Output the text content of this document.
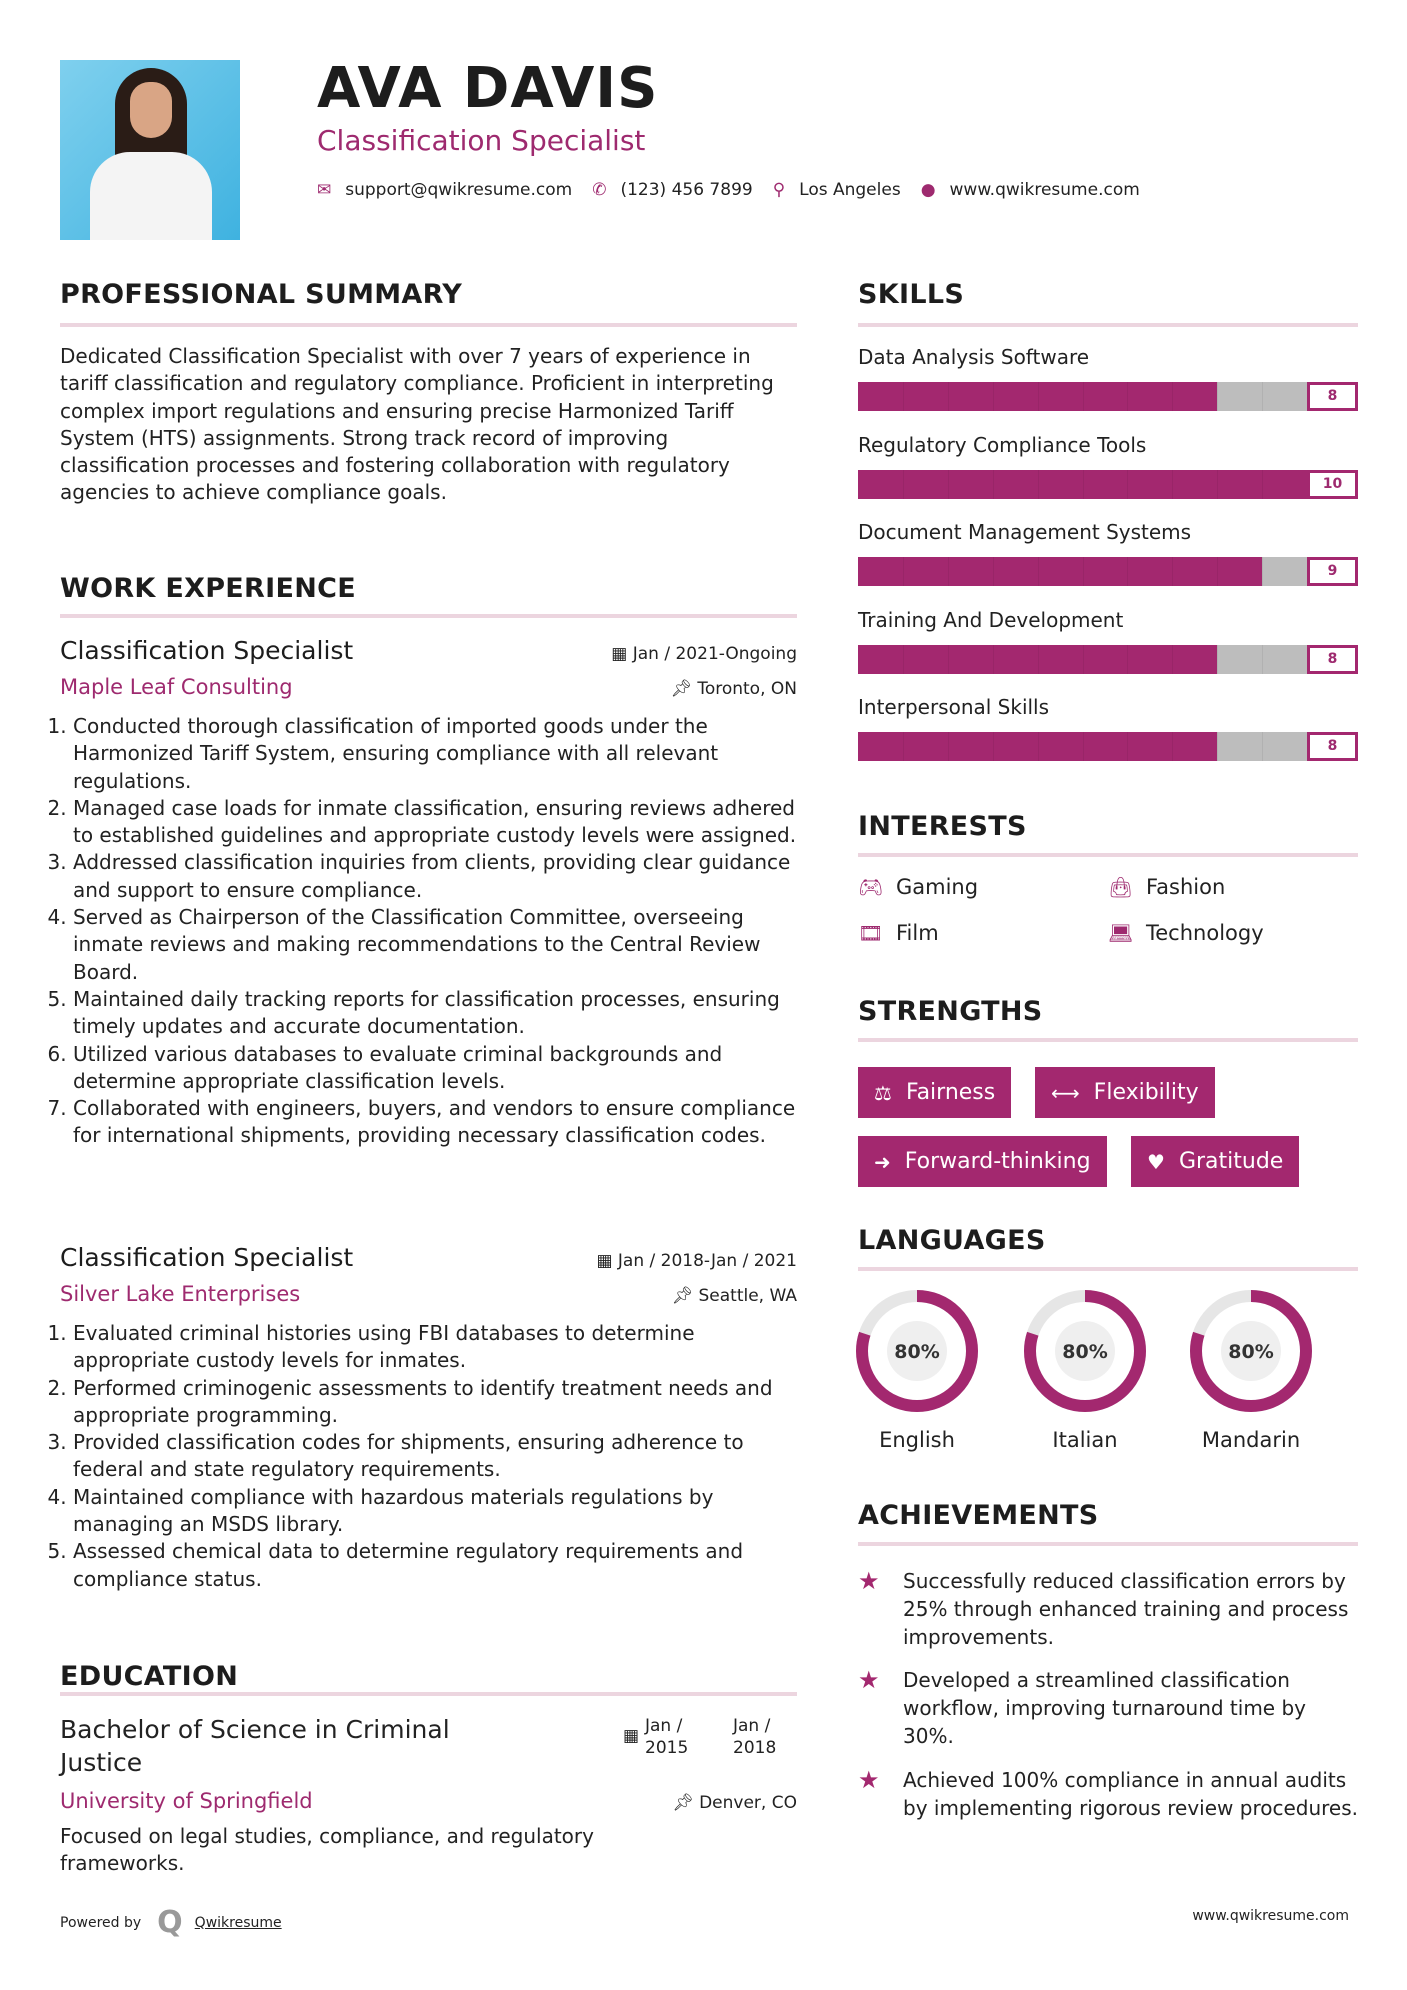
AVA DAVIS
Classification Specialist
✉ support@qwikresume.com ✆ (123) 456 7899 ⚲ Los Angeles ● www.qwikresume.com
PROFESSIONAL SUMMARY
Dedicated Classification Specialist with over 7 years of experience in tariff classification and regulatory compliance. Proficient in interpreting complex import regulations and ensuring precise Harmonized Tariff System (HTS) assignments. Strong track record of improving classification processes and fostering collaboration with regulatory agencies to achieve compliance goals.
WORK EXPERIENCE
Classification Specialist	▦ Jan / 2021-Ongoing
Maple Leaf Consulting	📌︎ Toronto, ON
1. Conducted thorough classification of imported goods under the Harmonized Tariff System, ensuring compliance with all relevant regulations.
2. Managed case loads for inmate classification, ensuring reviews adhered to established guidelines and appropriate custody levels were assigned.
3. Addressed classification inquiries from clients, providing clear guidance and support to ensure compliance.
4. Served as Chairperson of the Classification Committee, overseeing inmate reviews and making recommendations to the Central Review Board.
5. Maintained daily tracking reports for classification processes, ensuring timely updates and accurate documentation.
6. Utilized various databases to evaluate criminal backgrounds and determine appropriate classification levels.
7. Collaborated with engineers, buyers, and vendors to ensure compliance for international shipments, providing necessary classification codes.
Classification Specialist	▦ Jan / 2018-Jan / 2021
Silver Lake Enterprises	📌︎ Seattle, WA
1. Evaluated criminal histories using FBI databases to determine appropriate custody levels for inmates.
2. Performed criminogenic assessments to identify treatment needs and appropriate programming.
3. Provided classification codes for shipments, ensuring adherence to federal and state regulatory requirements.
4. Maintained compliance with hazardous materials regulations by managing an MSDS library.
5. Assessed chemical data to determine regulatory requirements and compliance status.
EDUCATION
Bachelor of Science in Criminal Justice
▦ Jan / 2015
Jan / 2018
University of Springfield	📌︎ Denver, CO
Focused on legal studies, compliance, and regulatory frameworks.
SKILLS
Data Analysis Software
8
Regulatory Compliance Tools
10
Document Management Systems
9
Training And Development
8
Interpersonal Skills
8
INTERESTS
🎮︎ Gaming	👜︎ Fashion
🎞︎ Film	💻︎ Technology
STRENGTHS
⚖ Fairness	⟷ Flexibility
➜ Forward-thinking	♥ Gratitude
LANGUAGES
80%
English
80%
Italian
80%
Mandarin
ACHIEVEMENTS
★	Successfully reduced classification errors by 25% through enhanced training and process improvements.
★	Developed a streamlined classification workflow, improving turnaround time by 30%.
★	Achieved 100% compliance in annual audits by implementing rigorous review procedures.
Powered by Q Qwikresume	www.qwikresume.com
